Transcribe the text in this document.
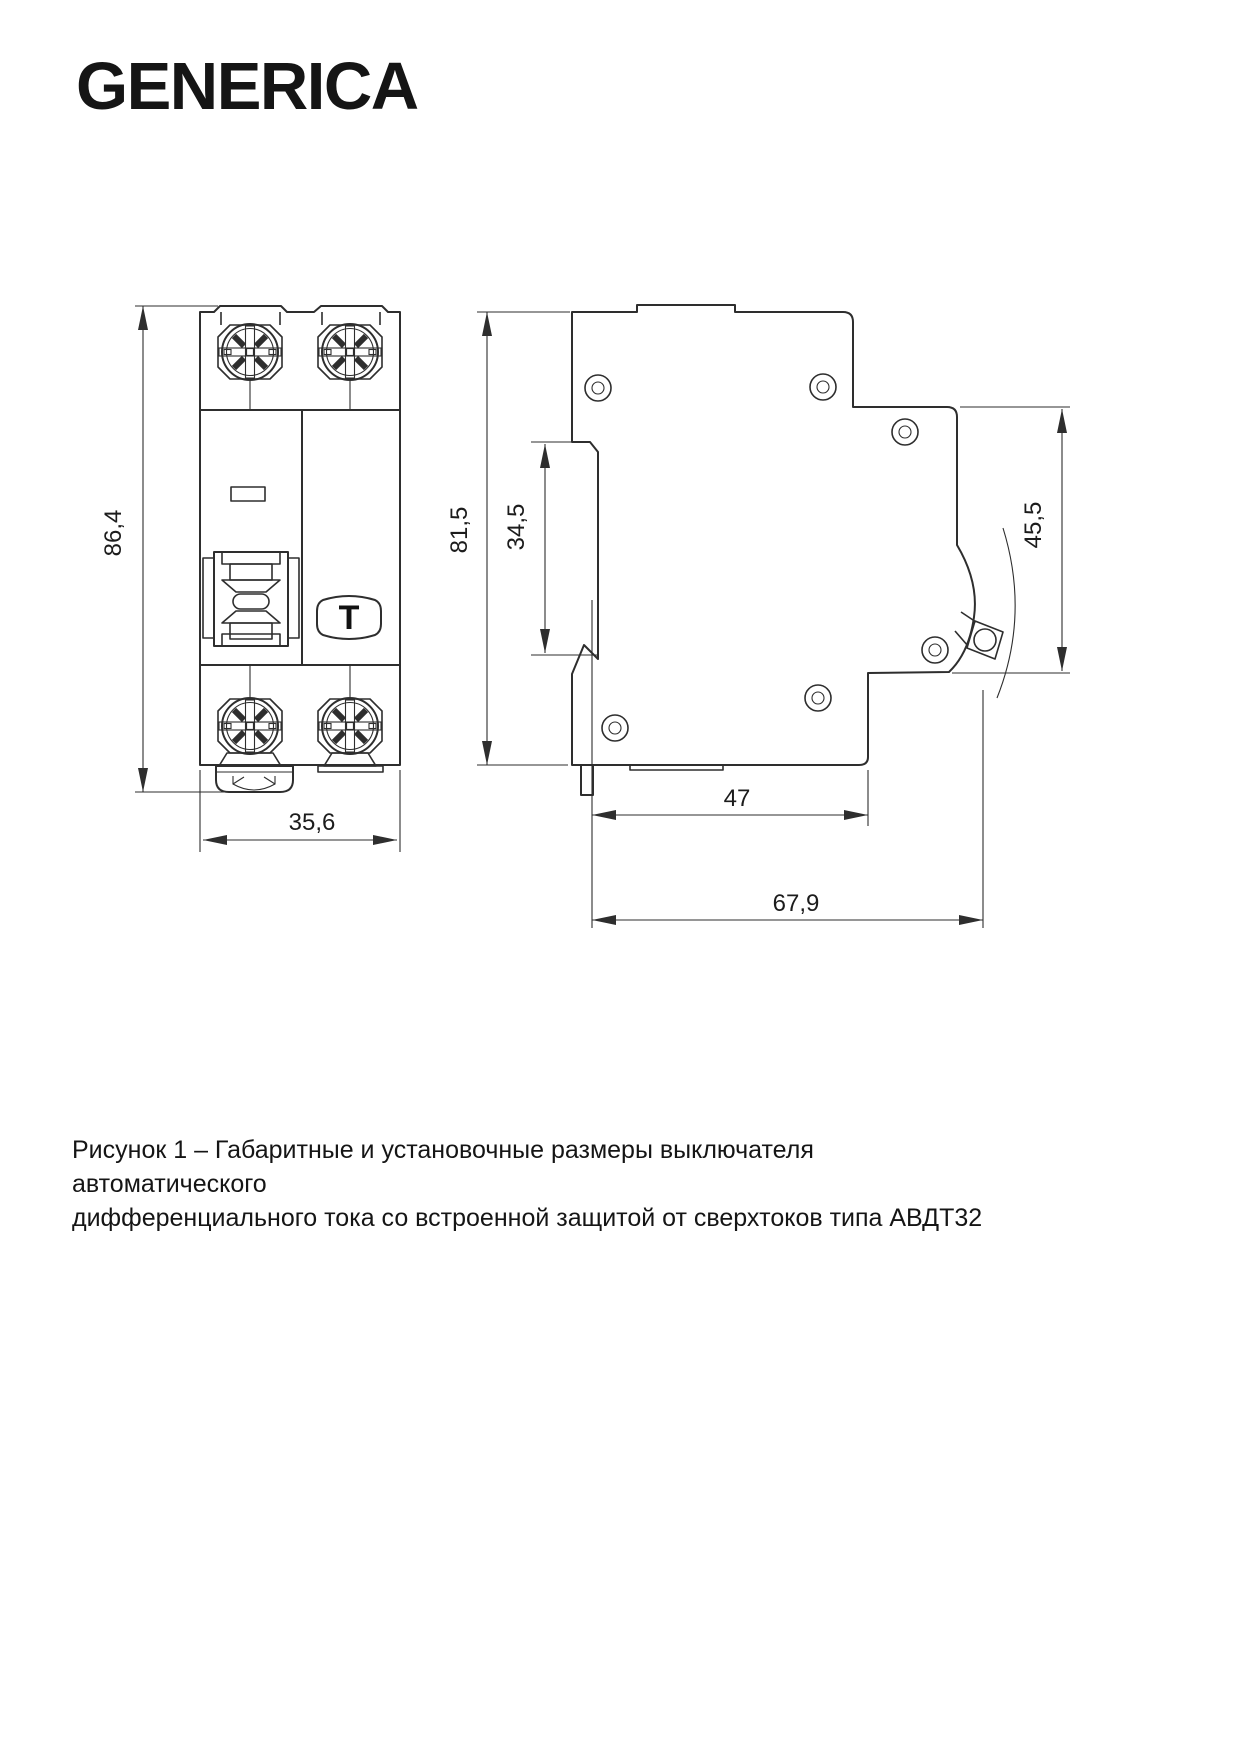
GENERICA
T
86,4
35,6
81,5 34,5	45,5
47
67,9

Рисунок 1 – Габаритные и установочные размеры выключателя автоматического
дифференциального тока со встроенной защитой от сверхтоков типа АВДТ32
